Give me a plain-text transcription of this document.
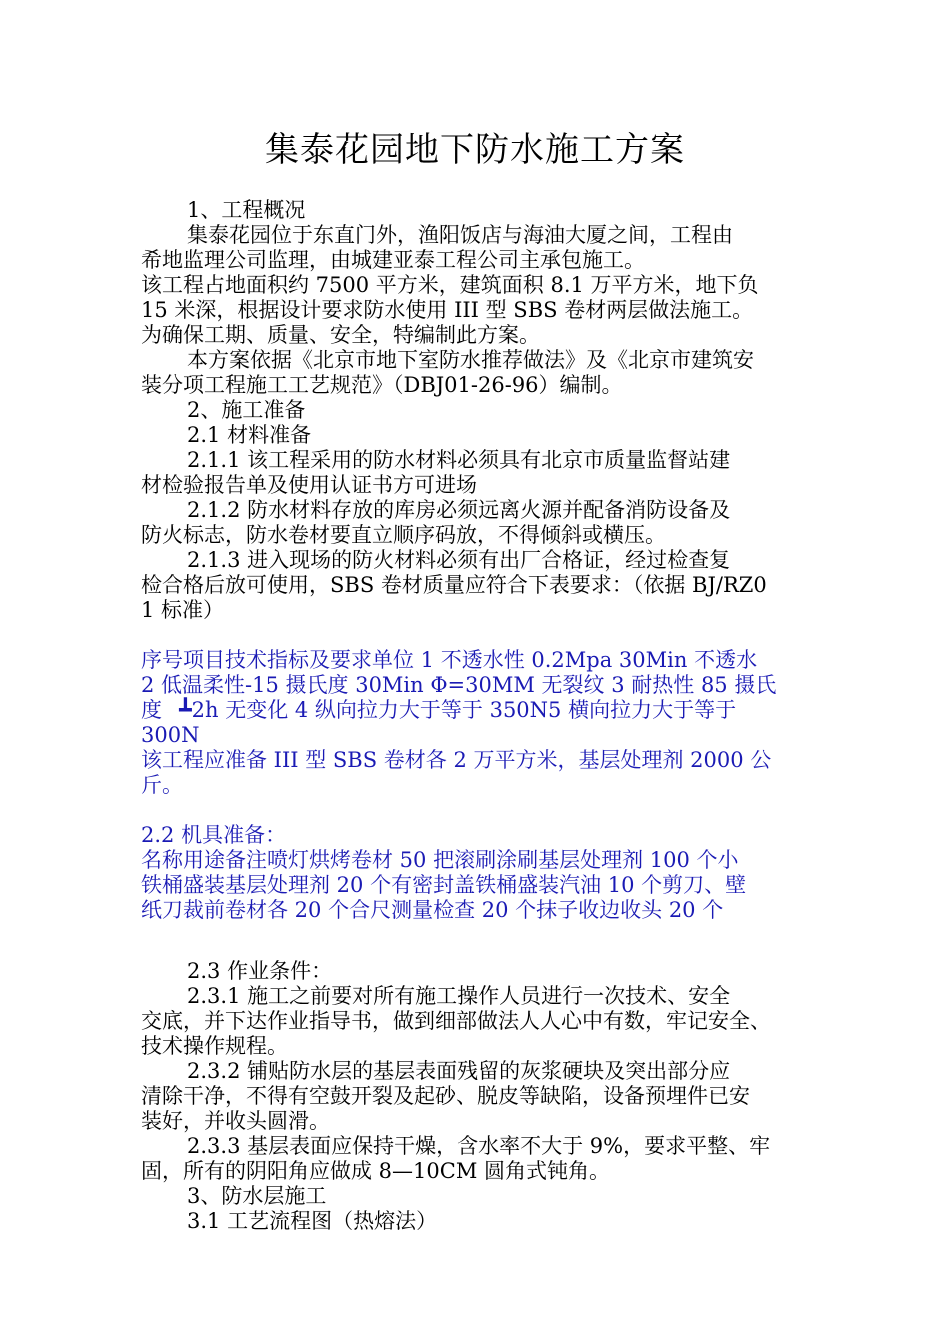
集泰花园地下防水施工方案

1、工程概况

集泰花园位于东直门外，渔阳饭店与海油大厦之间，工程由

希地监理公司监理，由城建亚泰工程公司主承包施工。

该工程占地面积约 7500 平方米，建筑面积 8.1 万平方米，地下负

15 米深，根据设计要求防水使用 III 型 SBS 卷材两层做法施工。

为确保工期、质量、安全，特编制此方案。

本方案依据《北京市地下室防水推荐做法》及《北京市建筑安

装分项工程施工工艺规范》（DBJ01-26-96）编制。

2、施工准备

2.1 材料准备

2.1.1 该工程采用的防水材料必须具有北京市质量监督站建

材检验报告单及使用认证书方可进场

2.1.2 防水材料存放的库房必须远离火源并配备消防设备及

防火标志，防水卷材要直立顺序码放，不得倾斜或横压。

2.1.3 进入现场的防火材料必须有出厂合格证，经过检查复

检合格后放可使用，SBS 卷材质量应符合下表要求：（依据 BJ/RZ0

1 标准）

序号项目技术指标及要求单位 1 不透水性 0.2Mpa 30Min 不透水

2 低温柔性-15 摄氏度 30Min Φ=30MM 无裂纹 3 耐热性 85 摄氏

度 ┻2h 无变化 4 纵向拉力大于等于 350N5 横向拉力大于等于

300N

该工程应准备 III 型 SBS 卷材各 2 万平方米，基层处理剂 2000 公

斤。

2.2 机具准备：

名称用途备注喷灯烘烤卷材 50 把滚刷涂刷基层处理剂 100 个小

铁桶盛装基层处理剂 20 个有密封盖铁桶盛装汽油 10 个剪刀、壁

纸刀裁前卷材各 20 个合尺测量检查 20 个抹子收边收头 20 个

2.3 作业条件：

2.3.1 施工之前要对所有施工操作人员进行一次技术、安全

交底，并下达作业指导书，做到细部做法人人心中有数，牢记安全、

技术操作规程。

2.3.2 铺贴防水层的基层表面残留的灰浆硬块及突出部分应

清除干净，不得有空鼓开裂及起砂、脱皮等缺陷，设备预埋件已安

装好，并收头圆滑。

2.3.3 基层表面应保持干燥，含水率不大于 9%，要求平整、牢

固，所有的阴阳角应做成 8—10CM 圆角式钝角。

3、防水层施工

3.1 工艺流程图（热熔法）
